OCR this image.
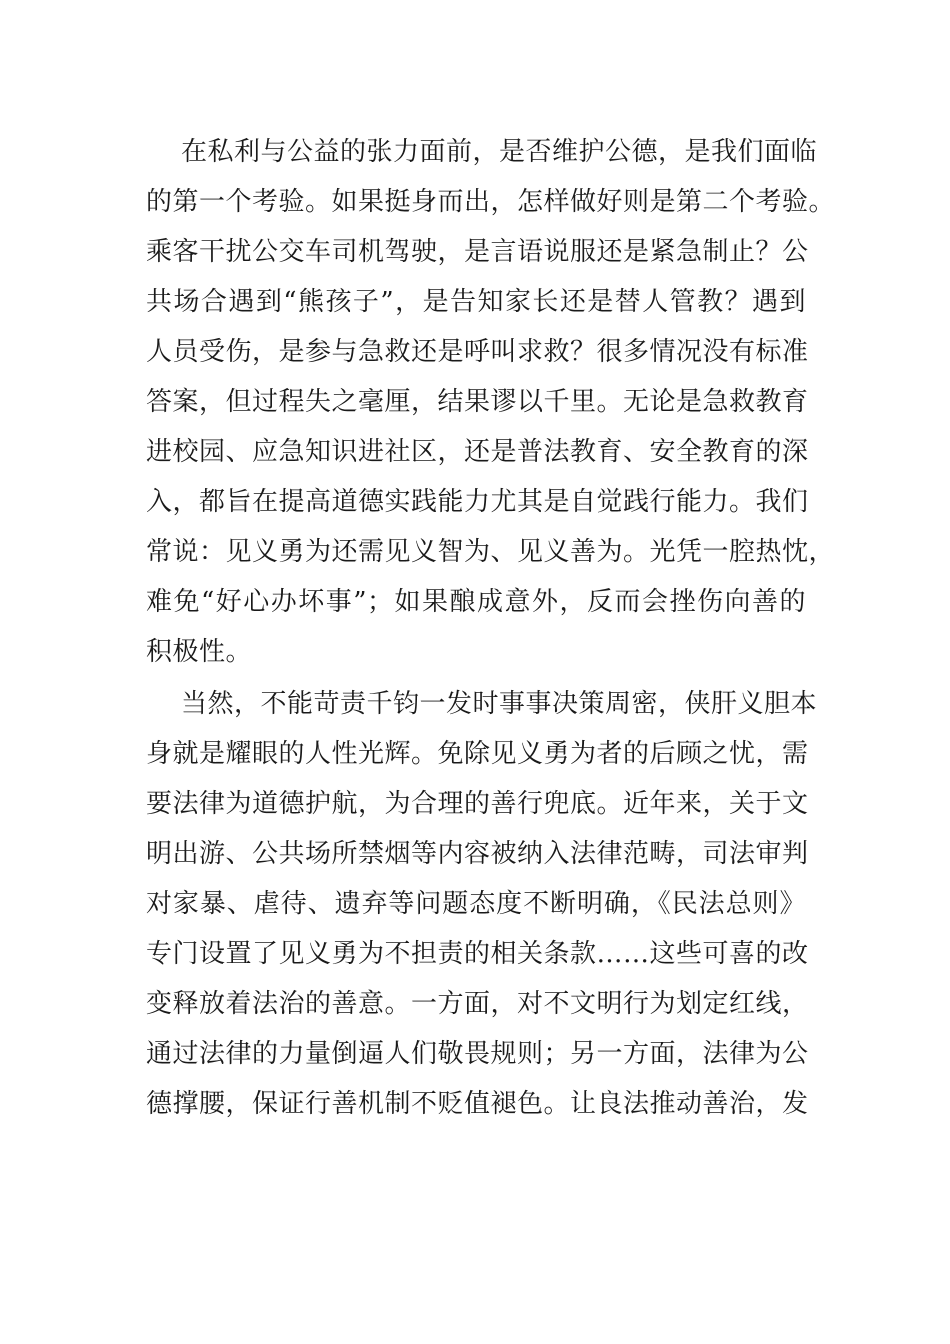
在私利与公益的张力面前，是否维护公德，是我们面临
的第一个考验。如果挺身而出，怎样做好则是第二个考验。
乘客干扰公交车司机驾驶，是言语说服还是紧急制止？公
共场合遇到“熊孩子”，是告知家长还是替人管教？遇到
人员受伤，是参与急救还是呼叫求救？很多情况没有标准
答案，但过程失之毫厘，结果谬以千里。无论是急救教育
进校园、应急知识进社区，还是普法教育、安全教育的深
入，都旨在提高道德实践能力尤其是自觉践行能力。我们
常说：见义勇为还需见义智为、见义善为。光凭一腔热忱，
难免“好心办坏事”；如果酿成意外，反而会挫伤向善的
积极性。
当然，不能苛责千钧一发时事事决策周密，侠肝义胆本
身就是耀眼的人性光辉。免除见义勇为者的后顾之忧，需
要法律为道德护航，为合理的善行兜底。近年来，关于文
明出游、公共场所禁烟等内容被纳入法律范畴，司法审判
对家暴、虐待、遗弃等问题态度不断明确，《民法总则》
专门设置了见义勇为不担责的相关条款……这些可喜的改
变释放着法治的善意。一方面，对不文明行为划定红线，
通过法律的力量倒逼人们敬畏规则；另一方面，法律为公
德撑腰，保证行善机制不贬值褪色。让良法推动善治，发
